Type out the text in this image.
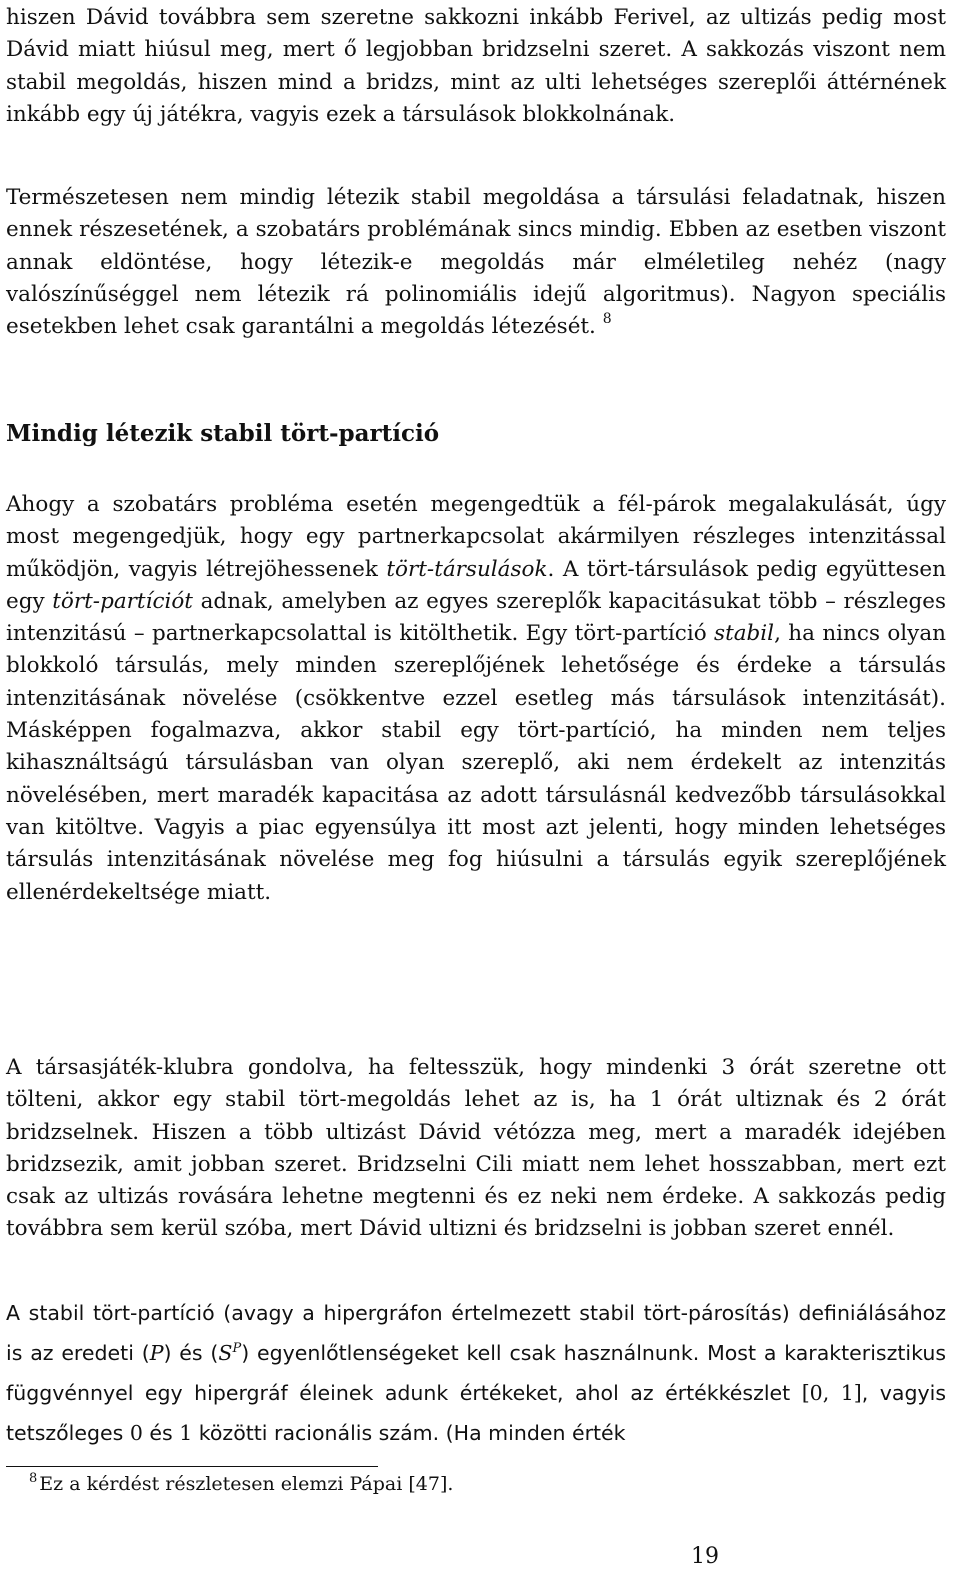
hiszen Dávid továbbra sem szeretne sakkozni inkább Ferivel, az ultizás pedig most Dávid miatt hiúsul meg, mert ő legjobban bridzselni szeret. A sakkozás viszont nem stabil megoldás, hiszen mind a bridzs, mint az ulti lehetséges szereplői áttérnének inkább egy új játékra, vagyis ezek a társulások blokkolnának.

Természetesen nem mindig létezik stabil megoldása a társulási feladatnak, hiszen ennek részesetének, a szobatárs problémának sincs mindig. Ebben az esetben viszont annak eldöntése, hogy létezik-e megoldás már elméletileg nehéz (nagy valószínűséggel nem létezik rá polinomiális idejű algoritmus). Nagyon speciális esetekben lehet csak garantálni a megoldás létezését. $^8$

Mindig létezik stabil tört-partíció

Ahogy a szobatárs probléma esetén megengedtük a fél-párok megalakulását, úgy most megengedjük, hogy egy partnerkapcsolat akármilyen részleges intenzitással működjön, vagyis létrejöhessenek tört-társulások. A tört-társulások pedig együttesen egy tört-partíciót adnak, amelyben az egyes szereplők kapacitásukat több – részleges intenzitású – partnerkapcsolattal is kitölthetik. Egy tört-partíció stabil, ha nincs olyan blokkoló társulás, mely minden szereplőjének lehetősége és érdeke a társulás intenzitásának növelése (csökkentve ezzel esetleg más társulások intenzitását). Másképpen fogalmazva, akkor stabil egy tört-partíció, ha minden nem teljes kihasználtságú társulásban van olyan szereplő, aki nem érdekelt az intenzitás növelésében, mert maradék kapacitása az adott társulásnál kedvezőbb társulásokkal van kitöltve. Vagyis a piac egyensúlya itt most azt jelenti, hogy minden lehetséges társulás intenzitásának növelése meg fog hiúsulni a társulás egyik szereplőjének ellenérdekeltsége miatt.

A társasjáték-klubra gondolva, ha feltesszük, hogy mindenki 3 órát szeretne ott tölteni, akkor egy stabil tört-megoldás lehet az is, ha 1 órát ultiznak és 2 órát bridzselnek. Hiszen a több ultizást Dávid vétózza meg, mert a maradék idejében bridzsezik, amit jobban szeret. Bridzselni Cili miatt nem lehet hosszabban, mert ezt csak az ultizás rovására lehetne megtenni és ez neki nem érdeke. A sakkozás pedig továbbra sem kerül szóba, mert Dávid ultizni és bridzselni is jobban szeret ennél.

A stabil tört-partíció (avagy a hipergráfon értelmezett stabil tört-párosítás) definiálásához is az eredeti (P) és $(S^P)$ egyenlőtlenségeket kell csak használnunk. Most a karakterisztikus függvénnyel egy hipergráf éleinek adunk értékeket, ahol az értékkészlet [0, 1], vagyis tetszőleges 0 és 1 közötti racionális szám. (Ha minden érték

$^8$ Ez a kérdést részletesen elemzi Pápai [47].
19
